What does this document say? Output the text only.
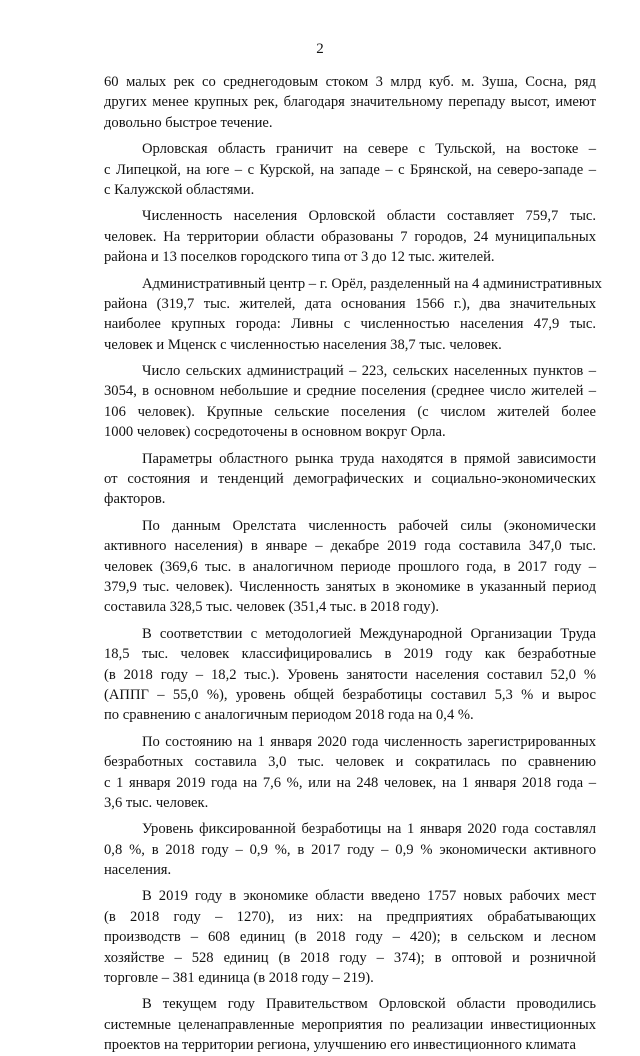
2
60 малых рек со среднегодовым стоком 3 млрд куб. м. Зуша, Сосна, ряд
других менее крупных рек, благодаря значительному перепаду высот, имеют
довольно быстрое течение.
Орловская область граничит на севере с Тульской, на востоке –
с Липецкой, на юге – с Курской, на западе – с Брянской, на северо-западе –
с Калужской областями.
Численность населения Орловской области составляет 759,7 тыс.
человек. На территории области образованы 7 городов, 24 муниципальных
района и 13 поселков городского типа от 3 до 12 тыс. жителей.
Административный центр – г. Орёл, разделенный на 4 административных
района (319,7 тыс. жителей, дата основания 1566 г.), два значительных
наиболее крупных города: Ливны с численностью населения 47,9 тыс.
человек и Мценск с численностью населения 38,7 тыс. человек.
Число сельских администраций – 223, сельских населенных пунктов –
3054, в основном небольшие и средние поселения (среднее число жителей –
106 человек). Крупные сельские поселения (с числом жителей более
1000 человек) сосредоточены в основном вокруг Орла.
Параметры областного рынка труда находятся в прямой зависимости
от состояния и тенденций демографических и социально-экономических
факторов.
По данным Орелстата численность рабочей силы (экономически
активного населения) в январе – декабре 2019 года составила 347,0 тыс.
человек (369,6 тыс. в аналогичном периоде прошлого года, в 2017 году –
379,9 тыс. человек). Численность занятых в экономике в указанный период
составила 328,5 тыс. человек (351,4 тыс. в 2018 году).
В соответствии с методологией Международной Организации Труда
18,5 тыс. человек классифицировались в 2019 году как безработные
(в 2018 году – 18,2 тыс.). Уровень занятости населения составил 52,0 %
(АППГ – 55,0 %), уровень общей безработицы составил 5,3 % и вырос
по сравнению с аналогичным периодом 2018 года на 0,4 %.
По состоянию на 1 января 2020 года численность зарегистрированных
безработных составила 3,0 тыс. человек и сократилась по сравнению
с 1 января 2019 года на 7,6 %, или на 248 человек, на 1 января 2018 года –
3,6 тыс. человек.
Уровень фиксированной безработицы на 1 января 2020 года составлял
0,8 %, в 2018 году – 0,9 %, в 2017 году – 0,9 % экономически активного
населения.
В 2019 году в экономике области введено 1757 новых рабочих мест
(в 2018 году – 1270), из них: на предприятиях обрабатывающих
производств – 608 единиц (в 2018 году – 420); в сельском и лесном
хозяйстве – 528 единиц (в 2018 году – 374); в оптовой и розничной
торговле – 381 единица (в 2018 году – 219).
В текущем году Правительством Орловской области проводились
системные целенаправленные мероприятия по реализации инвестиционных
проектов на территории региона, улучшению его инвестиционного климата
